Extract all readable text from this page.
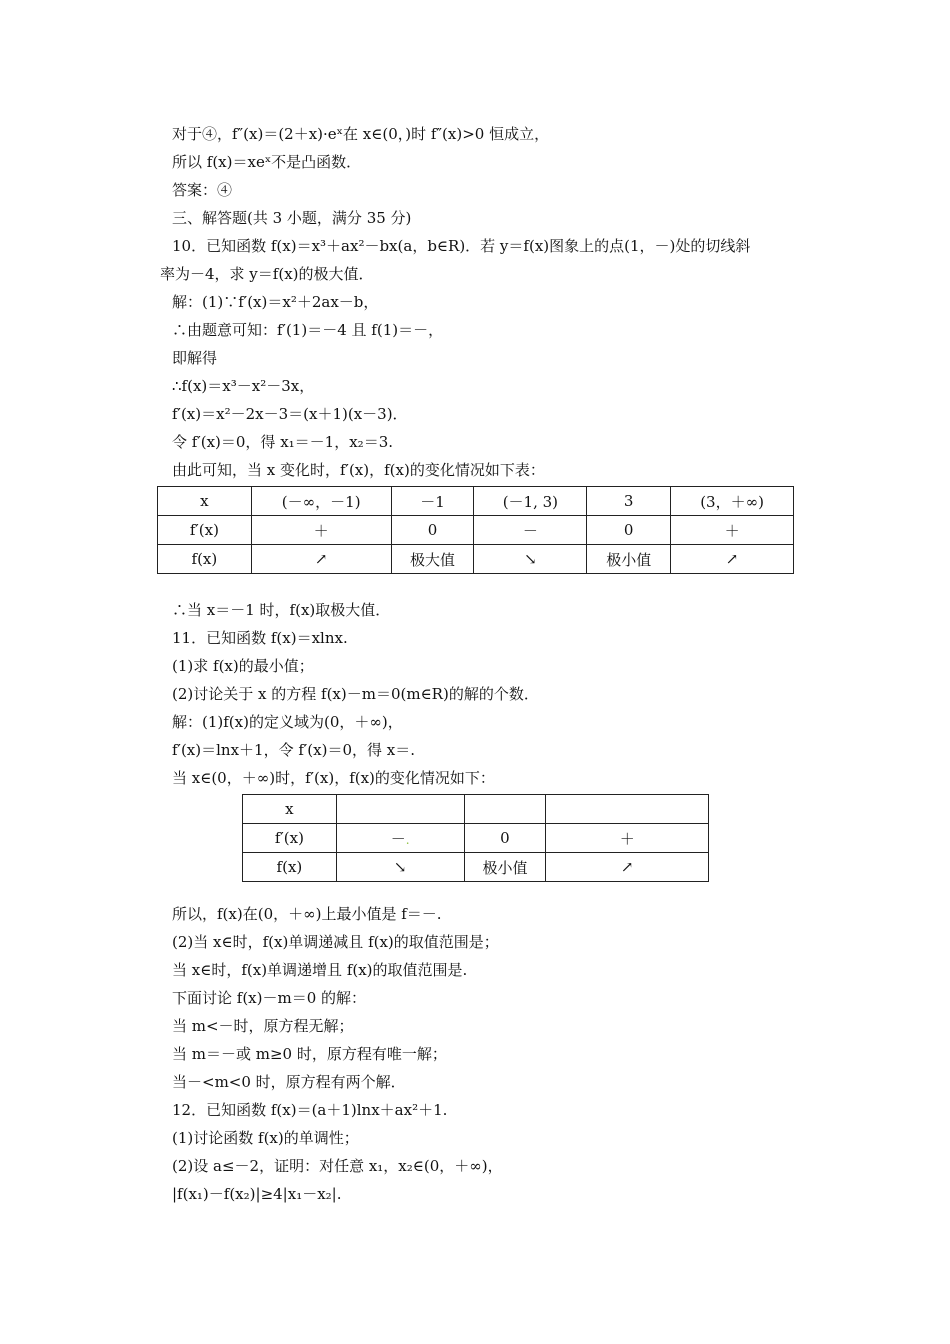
对于④，f″(x)＝(2＋x)·eˣ在 x∈(0，)时 f″(x)>0 恒成立，
所以 f(x)＝xeˣ不是凸函数．
答案：④
三、解答题(共 3 小题，满分 35 分)
10．已知函数 f(x)＝x³＋ax²－bx(a，b∈R)．若 y＝f(x)图象上的点(1，－)处的切线斜
率为－4，求 y＝f(x)的极大值．
解：(1)∵f′(x)＝x²＋2ax－b，
∴由题意可知：f′(1)＝－4 且 f(1)＝－，
即解得
∴f(x)＝x³－x²－3x，
f′(x)＝x²－2x－3＝(x＋1)(x－3)．
令 f′(x)＝0，得 x₁＝－1，x₂＝3.
由此可知，当 x 变化时，f′(x)，f(x)的变化情况如下表：
x	(－∞，－1)	－1	(－1, 3)	3	(3，＋∞)
f′(x)	＋	0	－	0	＋
f(x)	↗	极大值	↘	极小值	↗
∴当 x＝－1 时，f(x)取极大值．
11．已知函数 f(x)＝xlnx.
(1)求 f(x)的最小值；
(2)讨论关于 x 的方程 f(x)－m＝0(m∈R)的解的个数．
解：(1)f(x)的定义域为(0，＋∞)，
f′(x)＝lnx＋1，令 f′(x)＝0，得 x＝.
当 x∈(0，＋∞)时，f′(x)，f(x)的变化情况如下：
x			
f′(x)	－.	0	＋
f(x)	↘	极小值	↗
所以，f(x)在(0，＋∞)上最小值是 f＝－.
(2)当 x∈时，f(x)单调递减且 f(x)的取值范围是；
当 x∈时，f(x)单调递增且 f(x)的取值范围是.
下面讨论 f(x)－m＝0 的解：
当 m<－时，原方程无解；
当 m＝－或 m≥0 时，原方程有唯一解；
当－<m<0 时，原方程有两个解．
12．已知函数 f(x)＝(a＋1)lnx＋ax²＋1.
(1)讨论函数 f(x)的单调性；
(2)设 a≤－2，证明：对任意 x₁，x₂∈(0，＋∞)，
|f(x₁)－f(x₂)|≥4|x₁－x₂|.
